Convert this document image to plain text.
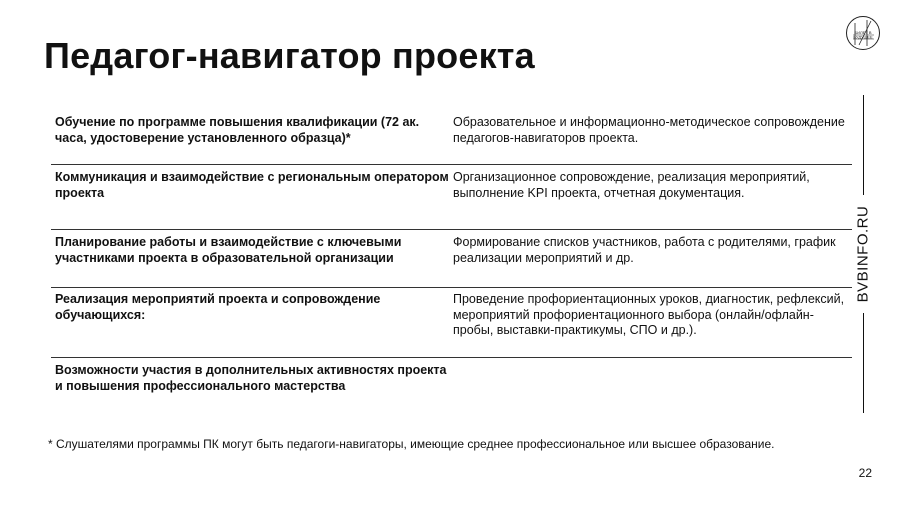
Педагог-навигатор проекта
БИЛЕТ В
БУДУЩЕЕ
BVBINFO.RU
Обучение по программе повышения квалификации (72 ак. часа, удостоверение установленного образца)*
Образовательное и информационно-методическое сопровождение педагогов-навигаторов проекта.
Коммуникация и взаимодействие с региональным оператором проекта
Организационное сопровождение, реализация мероприятий, выполнение KPI проекта, отчетная документация.
Планирование работы и взаимодействие с ключевыми участниками проекта в образовательной организации
Формирование списков участников, работа с родителями, график реализации мероприятий и др.
Реализация мероприятий проекта и сопровождение обучающихся:
Проведение профориентационных уроков, диагностик, рефлексий, мероприятий профориентационного выбора (онлайн/офлайн-пробы, выставки-практикумы, СПО и др.).
Возможности участия в дополнительных активностях проекта и повышения профессионального мастерства
* Слушателями программы ПК могут быть педагоги-навигаторы, имеющие среднее профессиональное или высшее образование.
22
